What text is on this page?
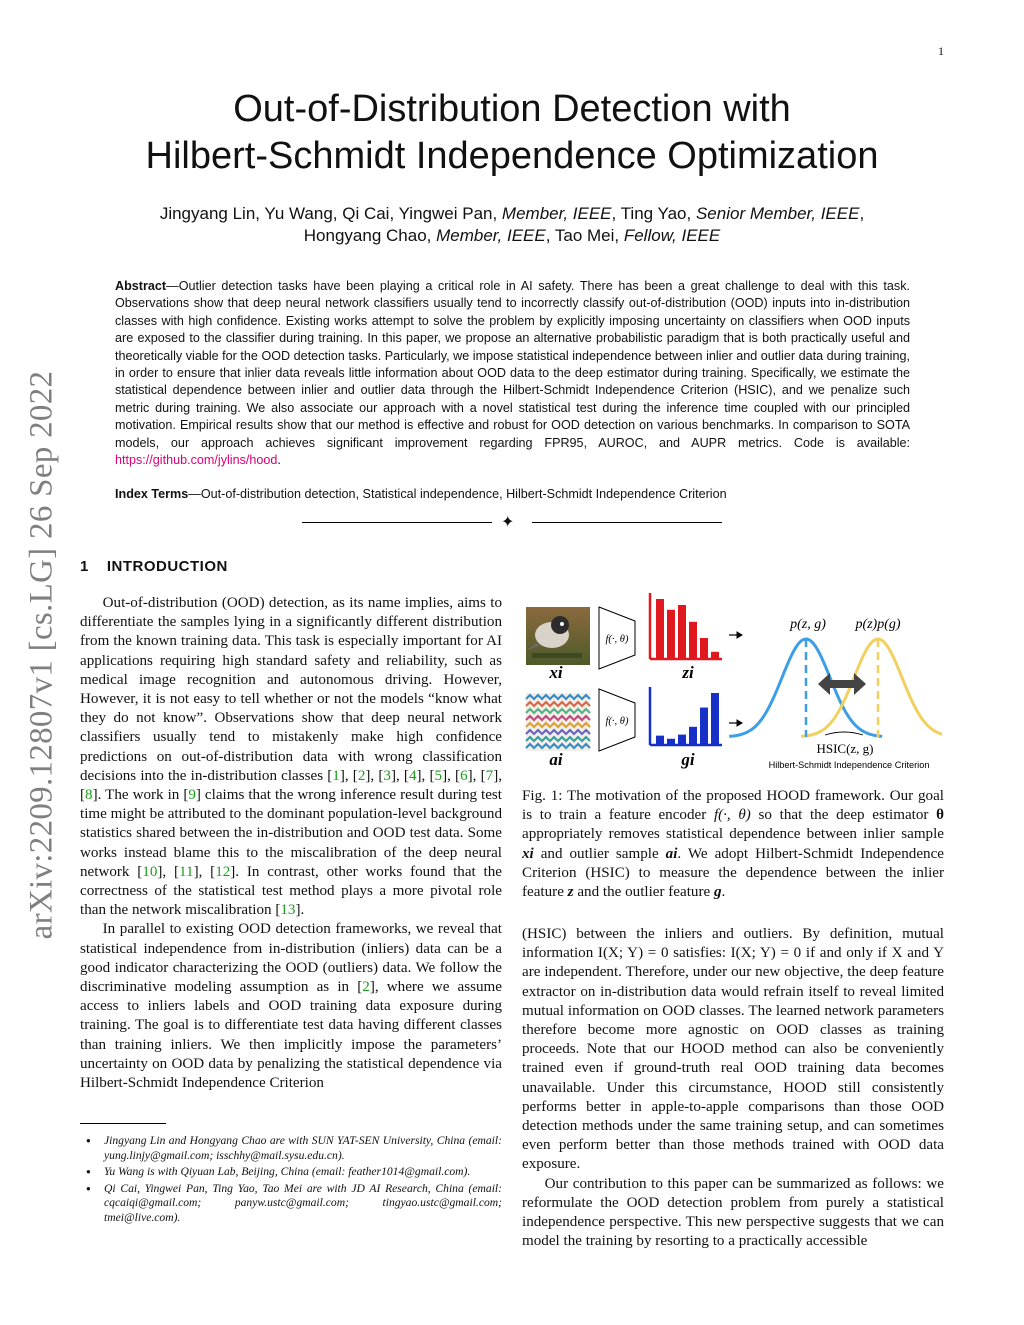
1
Out-of-Distribution Detection with
Hilbert-Schmidt Independence Optimization
Jingyang Lin, Yu Wang, Qi Cai, Yingwei Pan, Member, IEEE, Ting Yao, Senior Member, IEEE,
Hongyang Chao, Member, IEEE, Tao Mei, Fellow, IEEE
Abstract—Outlier detection tasks have been playing a critical role in AI safety. There has been a great challenge to deal with this task. Observations show that deep neural network classifiers usually tend to incorrectly classify out-of-distribution (OOD) inputs into in-distribution classes with high confidence. Existing works attempt to solve the problem by explicitly imposing uncertainty on classifiers when OOD inputs are exposed to the classifier during training. In this paper, we propose an alternative probabilistic paradigm that is both practically useful and theoretically viable for the OOD detection tasks. Particularly, we impose statistical independence between inlier and outlier data during training, in order to ensure that inlier data reveals little information about OOD data to the deep estimator during training. Specifically, we estimate the statistical dependence between inlier and outlier data through the Hilbert-Schmidt Independence Criterion (HSIC), and we penalize such metric during training. We also associate our approach with a novel statistical test during the inference time coupled with our principled motivation. Empirical results show that our method is effective and robust for OOD detection on various benchmarks. In comparison to SOTA models, our approach achieves significant improvement regarding FPR95, AUROC, and AUPR metrics. Code is available: https://github.com/jylins/hood.
Index Terms—Out-of-distribution detection, Statistical independence, Hilbert-Schmidt Independence Criterion
✦
arXiv:2209.12807v1 [cs.LG] 26 Sep 2022 1 INTRODUCTION

Out-of-distribution (OOD) detection, as its name implies, aims to differentiate the samples lying in a significantly different distribution from the known training data. This task is especially important for AI applications requiring high standard safety and reliability, such as medical image recognition and autonomous driving. However, However, it is not easy to tell whether or not the models “know what they do not know”. Observations show that deep neural network classifiers usually tend to mistakenly make high confidence predictions on out-of-distribution data with wrong classification decisions into the in-distribution classes [1], [2], [3], [4], [5], [6], [7], [8]. The work in [9] claims that the wrong inference result during test time might be attributed to the dominant population-level background statistics shared between the in-distribution and OOD test data. Some works instead blame this to the miscalibration of the deep neural network [10], [11], [12]. In contrast, other works found that the correctness of the statistical test method plays a more pivotal role than the network miscalibration [13].

In parallel to existing OOD detection frameworks, we reveal that statistical independence from in-distribution (inliers) data can be a good indicator characterizing the OOD (outliers) data. We follow the discriminative modeling assumption as in [2], where we assume access to inliers labels and OOD training data exposure during training. The goal is to differentiate test data having different classes than training inliers. We then implicitly impose the parameters’ uncertainty on OOD data by penalizing the statistical dependence via Hilbert-Schmidt Independence Criterion

● Jingyang Lin and Hongyang Chao are with SUN YAT-SEN University, China (email: yung.linjy@gmail.com; isschhy@mail.sysu.edu.cn).
● Yu Wang is with Qiyuan Lab, Beijing, China (email: feather1014@gmail.com).
● Qi Cai, Yingwei Pan, Ting Yao, Tao Mei are with JD AI Research, China (email: cqcaiqi@gmail.com; panyw.ustc@gmail.com; tingyao.ustc@gmail.com; tmei@live.com).
f(·, θ)
f(·, θ)
xi	zi
ai	gi
p(z, g) p(z)p(g)
HSIC(z, g)
Hilbert-Schmidt Independence Criterion
Fig. 1: The motivation of the proposed HOOD framework. Our goal is to train a feature encoder f(·, θ) so that the deep estimator θ appropriately removes statistical dependence between inlier sample xi and outlier sample ai. We adopt Hilbert-Schmidt Independence Criterion (HSIC) to measure the dependence between the inlier feature z and the outlier feature g.

(HSIC) between the inliers and outliers. By definition, mutual information I(X; Y) = 0 satisfies: I(X; Y) = 0 if and only if X and Y are independent. Therefore, under our new objective, the deep feature extractor on in-distribution data would refrain itself to reveal limited mutual information on OOD classes. The learned network parameters therefore become more agnostic on OOD classes as training proceeds. Note that our HOOD method can also be conveniently trained even if ground-truth real OOD training data becomes unavailable. Under this circumstance, HOOD still consistently performs better in apple-to-apple comparisons than those OOD detection methods under the same training setup, and can sometimes even perform better than those methods trained with OOD data exposure.

Our contribution to this paper can be summarized as follows: we reformulate the OOD detection problem from purely a statistical independence perspective. This new perspective suggests that we can model the training by resorting to a practically accessible
